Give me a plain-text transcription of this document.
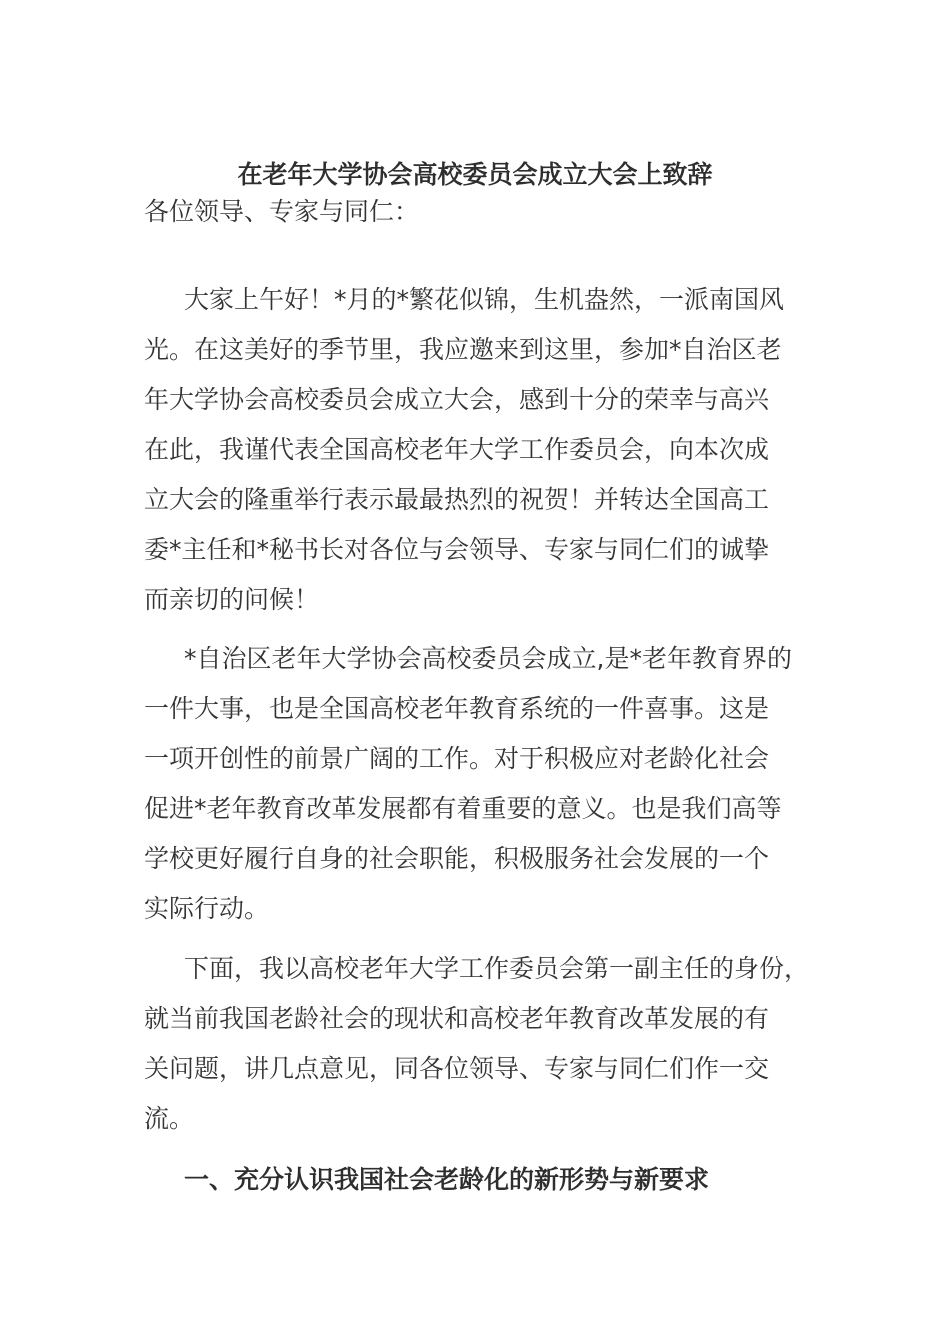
在老年大学协会高校委员会成立大会上致辞
各位领导、专家与同仁：
大家上午好！*月的*繁花似锦，生机盎然，一派南国风
光。在这美好的季节里，我应邀来到这里，参加*自治区老
年大学协会高校委员会成立大会，感到十分的荣幸与高兴
在此，我谨代表全国高校老年大学工作委员会，向本次成
立大会的隆重举行表示最最热烈的祝贺！并转达全国高工
委*主任和*秘书长对各位与会领导、专家与同仁们的诚挚
而亲切的问候！
*自治区老年大学协会高校委员会成立,是*老年教育界的
一件大事，也是全国高校老年教育系统的一件喜事。这是
一项开创性的前景广阔的工作。对于积极应对老龄化社会
促进*老年教育改革发展都有着重要的意义。也是我们高等
学校更好履行自身的社会职能，积极服务社会发展的一个
实际行动。
下面，我以高校老年大学工作委员会第一副主任的身份，
就当前我国老龄社会的现状和高校老年教育改革发展的有
关问题，讲几点意见，同各位领导、专家与同仁们作一交
流。
一、充分认识我国社会老龄化的新形势与新要求
